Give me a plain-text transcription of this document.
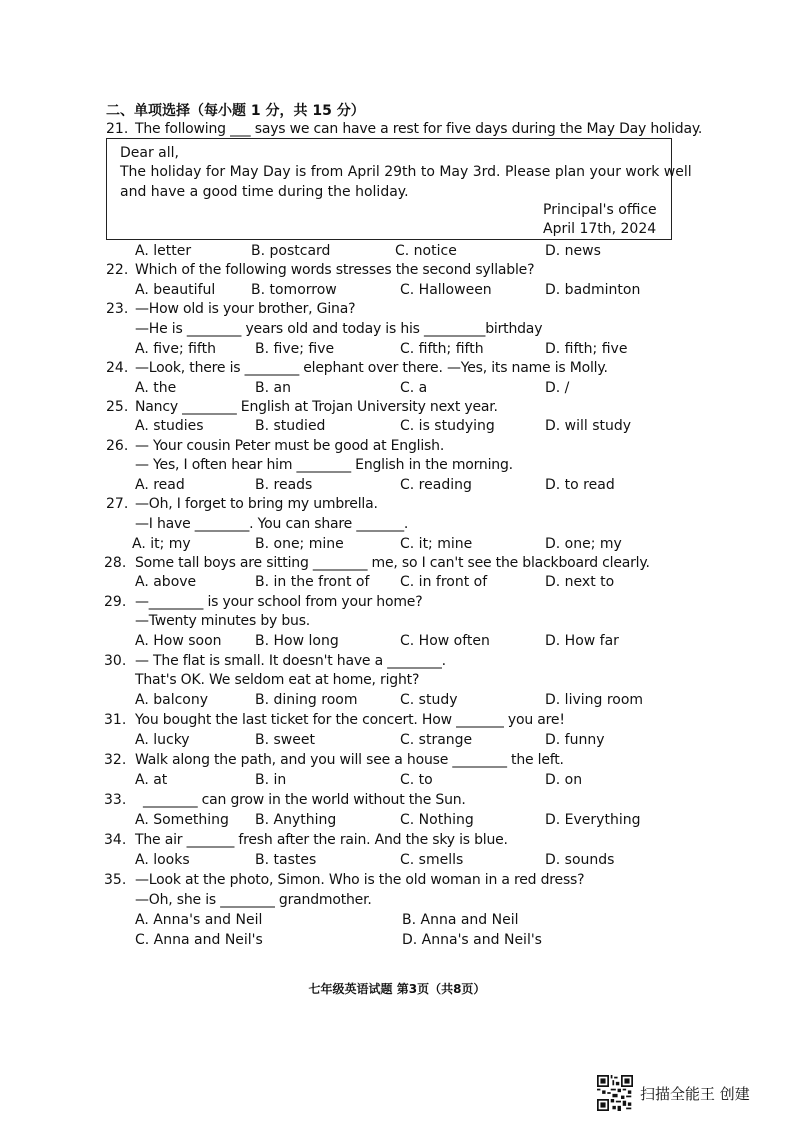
二、单项选择（每小题 1 分，共 15 分）
21. The following ___ says we can have a rest for five days during the May Day holiday.
Dear all,
The holiday for May Day is from April 29th to May 3rd. Please plan your work well
and have a good time during the holiday.
Principal's office
April 17th, 2024
A. letter	B. postcard	C. notice	D. news
22. Which of the following words stresses the second syllable?
A. beautiful	B. tomorrow	C. Halloween	D. badminton
23. —How old is your brother, Gina?
—He is ________ years old and today is his _________birthday
A. five; fifth	B. five; five	C. fifth; fifth	D. fifth; five
24. —Look, there is ________ elephant over there. —Yes, its name is Molly.
A. the	B. an	C. a	D. /
25. Nancy ________ English at Trojan University next year.
A. studies	B. studied	C. is studying	D. will study
26. — Your cousin Peter must be good at English.
— Yes, I often hear him ________ English in the morning.
A. read	B. reads	C. reading	D. to read
27. —Oh, I forget to bring my umbrella.
—I have ________. You can share _______.
A. it; my	B. one; mine	C. it; mine	D. one; my
28. Some tall boys are sitting ________ me, so I can't see the blackboard clearly.
A. above	B. in the front of C. in front of	D. next to
29. —________ is your school from your home?
—Twenty minutes by bus.
A. How soon B. How long	C. How often	D. How far
30. — The flat is small. It doesn't have a ________.
That's OK. We seldom eat at home, right?
A. balcony	B. dining room	C. study	D. living room
31. You bought the last ticket for the concert. How _______ you are!
A. lucky	B. sweet	C. strange	D. funny
32. Walk along the path, and you will see a house ________ the left.
A. at	B. in	C. to	D. on
33. ________ can grow in the world without the Sun.
A. Something B. Anything	C. Nothing	D. Everything
34. The air _______ fresh after the rain. And the sky is blue.
A. looks	B. tastes	C. smells	D. sounds
35. —Look at the photo, Simon. Who is the old woman in a red dress?
—Oh, she is ________ grandmother.
A. Anna's and Neil	B. Anna and Neil
C. Anna and Neil's	D. Anna's and Neil's
七年级英语试题 第3页（共8页）
扫描全能王 创建
